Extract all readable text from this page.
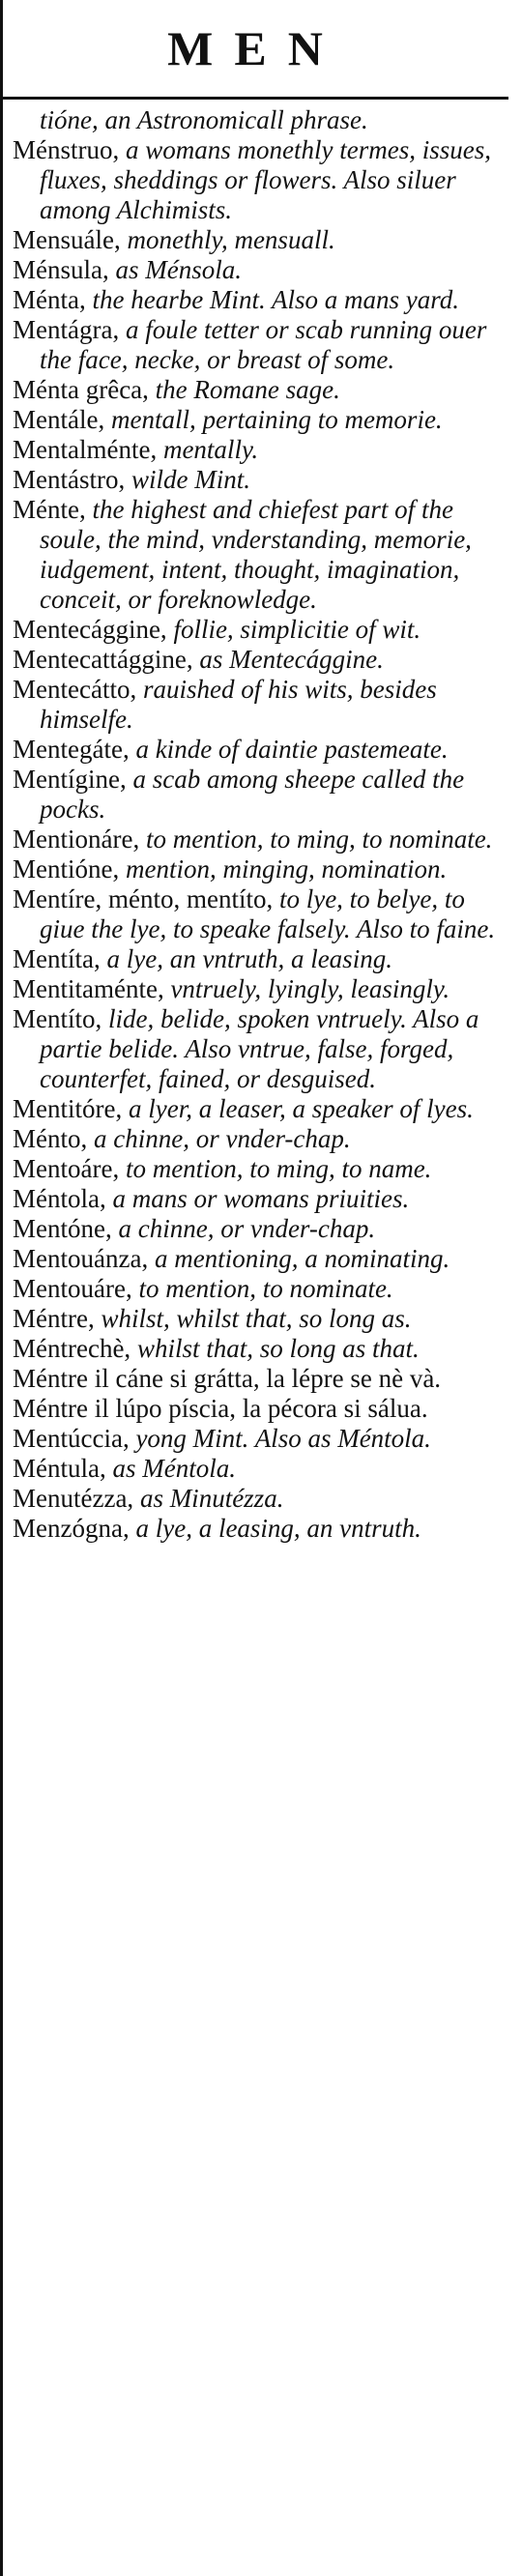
MEN

tióne, an Astronomicall phrase.

Ménstruo, a womans monethly termes, issues, fluxes, sheddings or flowers. Also siluer among Alchimists.

Mensuále, monethly, mensuall.

Ménsula, as Ménsola.

Ménta, the hearbe Mint. Also a mans yard.

Mentágra, a foule tetter or scab running ouer the face, necke, or breast of some.

Ménta grêca, the Romane sage.

Mentále, mentall, pertaining to memorie.

Mentalménte, mentally.

Mentástro, wilde Mint.

Ménte, the highest and chiefest part of the soule, the mind, vnderstanding, memorie, iudgement, intent, thought, imagination, conceit, or foreknowledge.

Mentecággine, follie, simplicitie of wit.

Mentecattággine, as Mentecággine.

Mentecátto, rauished of his wits, besides himselfe.

Mentegáte, a kinde of daintie pastemeate.

Mentígine, a scab among sheepe called the pocks.

Mentionáre, to mention, to ming, to nominate.

Mentióne, mention, minging, nomination.

Mentíre, ménto, mentíto, to lye, to belye, to giue the lye, to speake falsely. Also to faine.

Mentíta, a lye, an vntruth, a leasing.

Mentitaménte, vntruely, lyingly, leasingly.

Mentíto, lide, belide, spoken vntruely. Also a partie belide. Also vntrue, false, forged, counterfet, fained, or desguised.

Mentitóre, a lyer, a leaser, a speaker of lyes.

Ménto, a chinne, or vnder-chap.

Mentoáre, to mention, to ming, to name.

Méntola, a mans or womans priuities.

Mentóne, a chinne, or vnder-chap.

Mentouánza, a mentioning, a nominating.

Mentouáre, to mention, to nominate.

Méntre, whilst, whilst that, so long as.

Méntrechè, whilst that, so long as that.

Méntre il cáne si grátta, la lépre se nè và.

Méntre il lúpo píscia, la pécora si sálua.

Mentúccia, yong Mint. Also as Méntola.

Méntula, as Méntola.

Menutézza, as Minutézza.

Menzógna, a lye, a leasing, an vntruth.
